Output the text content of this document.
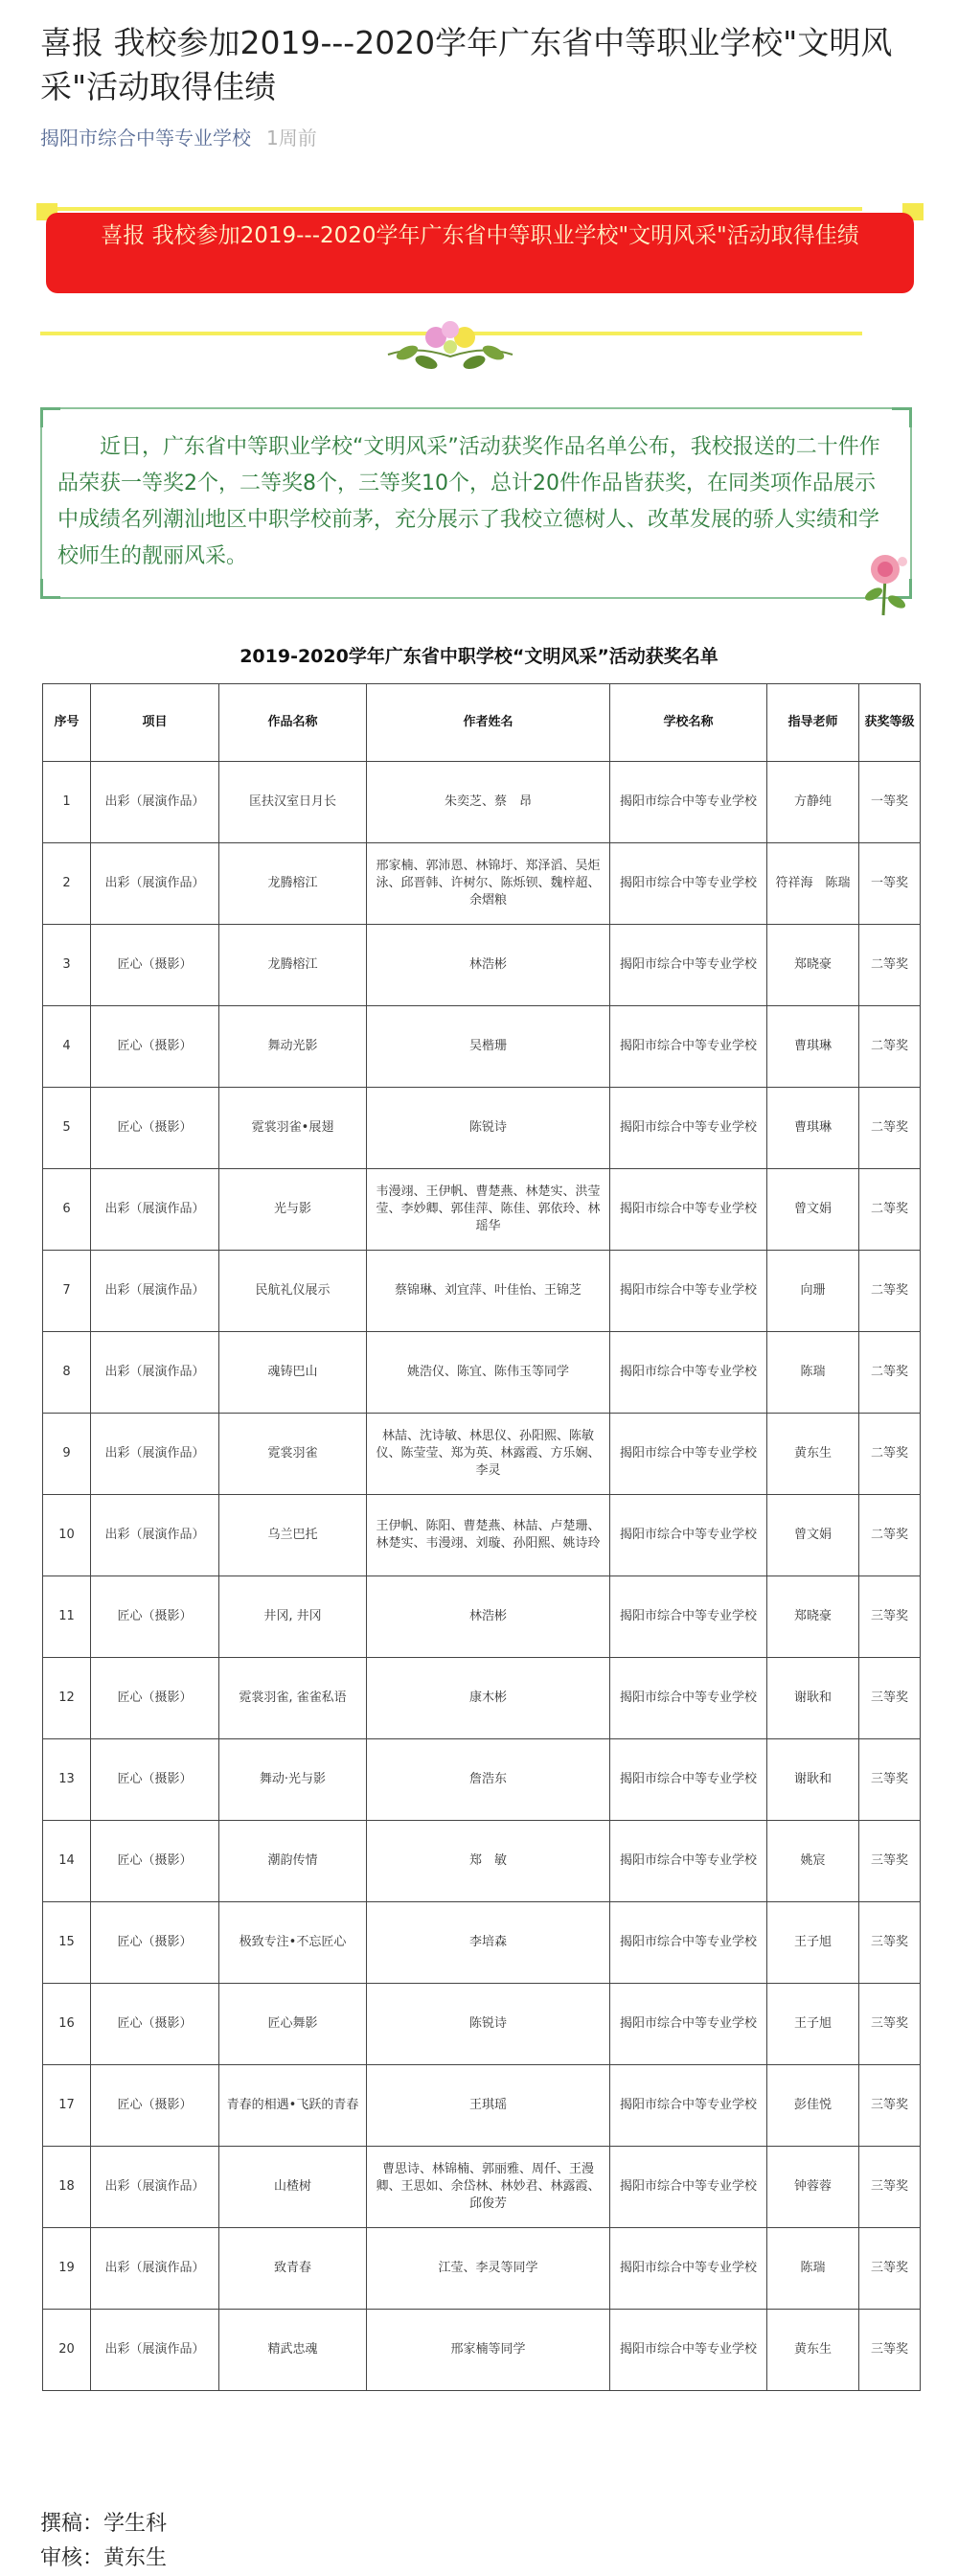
喜报 我校参加2019---2020学年广东省中等职业学校"文明风采"活动取得佳绩
揭阳市综合中等专业学校 1周前
喜报 我校参加2019---2020学年广东省中等职业学校"文明风采"活动取得佳绩

近日，广东省中等职业学校“文明风采”活动获奖作品名单公布，我校报送的二十件作品荣获一等奖2个，二等奖8个，三等奖10个，总计20件作品皆获奖，在同类项作品展示中成绩名列潮汕地区中职学校前茅，充分展示了我校立德树人、改革发展的骄人实绩和学校师生的靓丽风采。

2019-2020学年广东省中职学校“文明风采”活动获奖名单
序号	项目	作品名称	作者姓名	学校名称	指导老师	获奖等级
1	出彩（展演作品）	匡扶汉室日月长	朱奕芝、蔡　昂	揭阳市综合中等专业学校	方静纯	一等奖
2	出彩（展演作品）	龙腾榕江	邢家楠、郭沛恩、林锦圩、郑泽滔、吴炬泳、邱晋韩、许树尔、陈烁钡、魏梓超、余熠粮	揭阳市综合中等专业学校	符祥海　陈瑞	一等奖
3	匠心（摄影）	龙腾榕江	林浩彬	揭阳市综合中等专业学校	郑晓豪	二等奖
4	匠心（摄影）	舞动光影	吴楷珊	揭阳市综合中等专业学校	曹琪琳	二等奖
5	匠心（摄影）	霓裳羽雀•展翅	陈锐诗	揭阳市综合中等专业学校	曹琪琳	二等奖
6	出彩（展演作品）	光与影	韦漫翊、王伊帆、曹楚燕、林楚实、洪莹莹、李妙卿、郭佳萍、陈佳、郭依玲、林瑶华	揭阳市综合中等专业学校	曾文娟	二等奖
7	出彩（展演作品）	民航礼仪展示	蔡锦琳、刘宜萍、叶佳怡、王锦芝	揭阳市综合中等专业学校	向珊	二等奖
8	出彩（展演作品）	魂铸巴山	姚浩仪、陈宜、陈伟玉等同学	揭阳市综合中等专业学校	陈瑞	二等奖
9	出彩（展演作品）	霓裳羽雀	林喆、沈诗敏、林思仪、孙阳熙、陈敏仪、陈莹莹、郑为英、林露霞、方乐娴、李灵	揭阳市综合中等专业学校	黄东生	二等奖
10	出彩（展演作品）	乌兰巴托	王伊帆、陈阳、曹楚燕、林喆、卢楚珊、林楚实、韦漫翊、刘璇、孙阳熙、姚诗玲	揭阳市综合中等专业学校	曾文娟	二等奖
11	匠心（摄影）	井冈, 井冈	林浩彬	揭阳市综合中等专业学校	郑晓豪	三等奖
12	匠心（摄影）	霓裳羽雀, 雀雀私语	康木彬	揭阳市综合中等专业学校	谢耿和	三等奖
13	匠心（摄影）	舞动·光与影	詹浩东	揭阳市综合中等专业学校	谢耿和	三等奖
14	匠心（摄影）	潮韵传情	郑　敏	揭阳市综合中等专业学校	姚宸	三等奖
15	匠心（摄影）	极致专注•不忘匠心	李培森	揭阳市综合中等专业学校	王子旭	三等奖
16	匠心（摄影）	匠心舞影	陈锐诗	揭阳市综合中等专业学校	王子旭	三等奖
17	匠心（摄影）	青春的相遇•飞跃的青春	王琪瑶	揭阳市综合中等专业学校	彭佳悦	三等奖
18	出彩（展演作品）	山楂树	曹思诗、林锦楠、郭丽雅、周仟、王漫卿、王思如、余岱林、林妙君、林露霞、邱俊芳	揭阳市综合中等专业学校	钟蓉蓉	三等奖
19	出彩（展演作品）	致青春	江莹、李灵等同学	揭阳市综合中等专业学校	陈瑞	三等奖
20	出彩（展演作品）	精武忠魂	邢家楠等同学	揭阳市综合中等专业学校	黄东生	三等奖
撰稿：学生科
审核：黄东生
